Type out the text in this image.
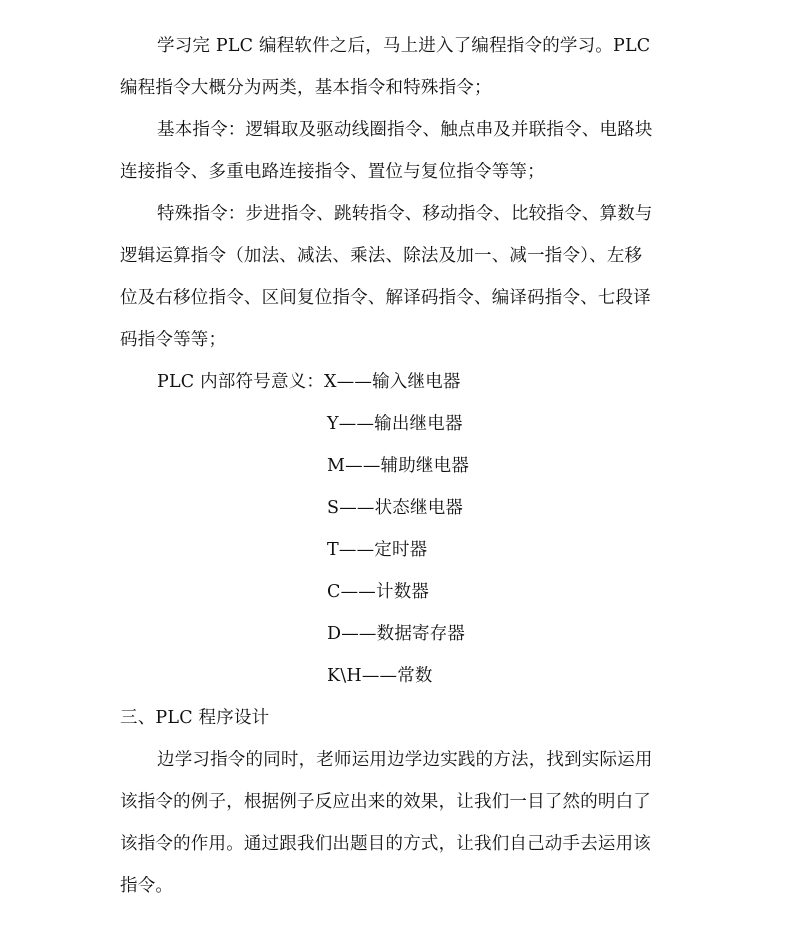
学习完 PLC 编程软件之后，马上进入了编程指令的学习。PLC
编程指令大概分为两类，基本指令和特殊指令；
基本指令：逻辑取及驱动线圈指令、触点串及并联指令、电路块
连接指令、多重电路连接指令、置位与复位指令等等；
特殊指令：步进指令、跳转指令、移动指令、比较指令、算数与
逻辑运算指令（加法、减法、乘法、除法及加一、减一指令）、左移
位及右移位指令、区间复位指令、解译码指令、编译码指令、七段译
码指令等等；
PLC 内部符号意义：X——输入继电器
Y——输出继电器
M——辅助继电器
S——状态继电器
T——定时器
C——计数器
D——数据寄存器
K\H——常数
三、PLC 程序设计
边学习指令的同时，老师运用边学边实践的方法，找到实际运用
该指令的例子，根据例子反应出来的效果，让我们一目了然的明白了
该指令的作用。通过跟我们出题目的方式，让我们自己动手去运用该
指令。
